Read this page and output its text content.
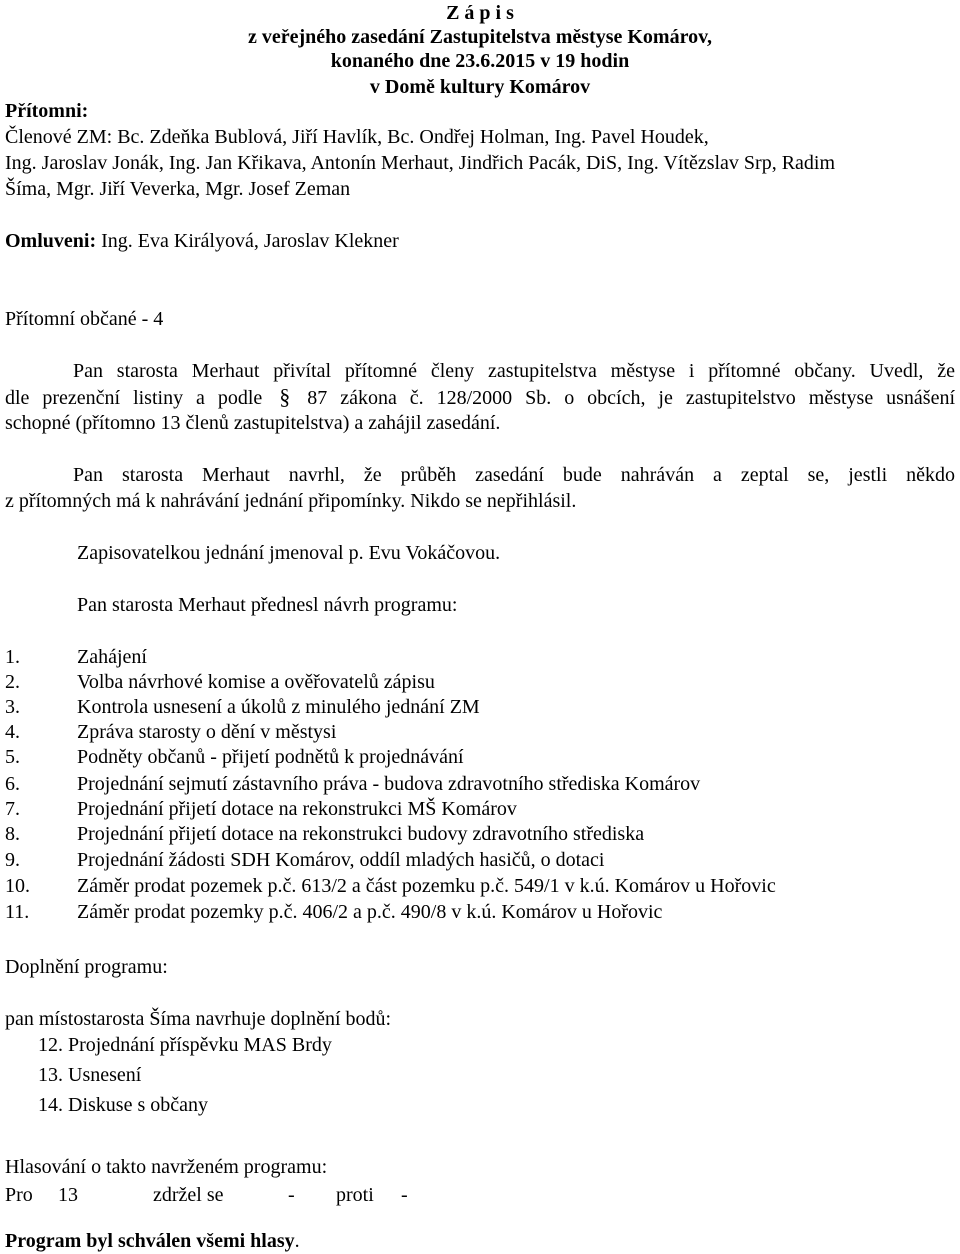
Z á p i s
z veřejného zasedání Zastupitelstva městyse Komárov,
konaného dne 23.6.2015 v 19 hodin
v Domě kultury Komárov
Přítomni:
Členové ZM: Bc. Zdeňka Bublová, Jiří Havlík, Bc. Ondřej Holman, Ing. Pavel Houdek,
Ing. Jaroslav Jonák, Ing. Jan Křikava, Antonín Merhaut, Jindřich Pacák, DiS, Ing. Vítězslav Srp, Radim
Šíma, Mgr. Jiří Veverka, Mgr. Josef Zeman
Omluveni: Ing. Eva Királyová, Jaroslav Klekner
Přítomní občané - 4
Pan starosta Merhaut přivítal přítomné členy zastupitelstva městyse i přítomné občany. Uvedl, že
dle prezenční listiny a podle § 87 zákona č. 128/2000 Sb. o obcích, je zastupitelstvo městyse usnášení
schopné (přítomno 13 členů zastupitelstva) a zahájil zasedání.
Pan starosta Merhaut navrhl, že průběh zasedání bude nahráván a zeptal se, jestli někdo
z přítomných má k nahrávání jednání připomínky. Nikdo se nepřihlásil.
Zapisovatelkou jednání jmenoval p. Evu Vokáčovou.
Pan starosta Merhaut přednesl návrh programu:
1.	Zahájení
2.	Volba návrhové komise a ověřovatelů zápisu
3.	Kontrola usnesení a úkolů z minulého jednání ZM
4.	Zpráva starosty o dění v městysi
5.	Podněty občanů - přijetí podnětů k projednávání
6.	Projednání sejmutí zástavního práva - budova zdravotního střediska Komárov
7.	Projednání přijetí dotace na rekonstrukci MŠ Komárov
8.	Projednání přijetí dotace na rekonstrukci budovy zdravotního střediska
9.	Projednání žádosti SDH Komárov, oddíl mladých hasičů, o dotaci
10. Záměr prodat pozemek p.č. 613/2 a část pozemku p.č. 549/1 v k.ú. Komárov u Hořovic
11. Záměr prodat pozemky p.č. 406/2 a p.č. 490/8 v k.ú. Komárov u Hořovic
Doplnění programu:
pan místostarosta Šíma navrhuje doplnění bodů:
12. Projednání příspěvku MAS Brdy
13. Usnesení
14. Diskuse s občany
Hlasování o takto navrženém programu:
Pro 13	zdržel se	- proti -
Program byl schválen všemi hlasy.
